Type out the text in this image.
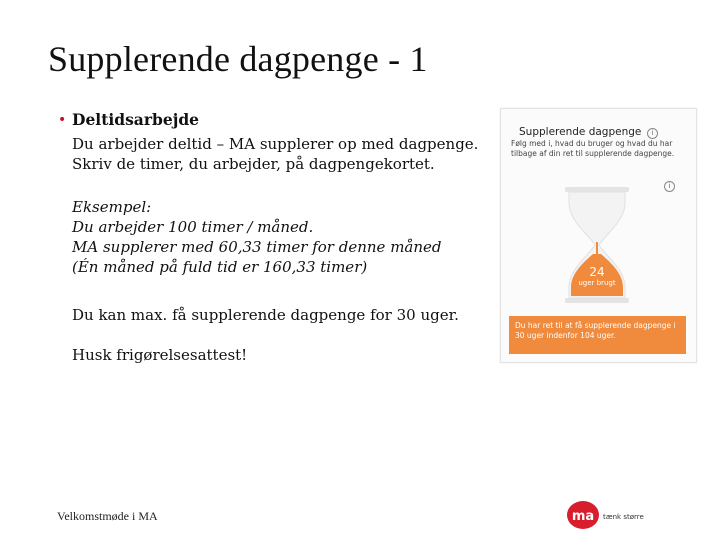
Supplerende dagpenge - 1
• Deltidsarbejde
Du arbejder deltid – MA supplerer op med dagpenge.
Skriv de timer, du arbejder, på dagpengekortet.
Eksempel:
Du arbejder 100 timer / måned.
MA supplerer med 60,33 timer for denne måned
(Én måned på fuld tid er 160,33 timer)
Du kan max. få supplerende dagpenge for 30 uger.
Husk frigørelsesattest!
Supplerende dagpenge	i
Følg med i, hvad du bruger og hvad du har tilbage af din ret til supplerende dagpenge.
i
24
uger brugt
Du har ret til at få supplerende dagpenge i 30 uger indenfor 104 uger.
Velkomstmøde i MA	ma tænk større
